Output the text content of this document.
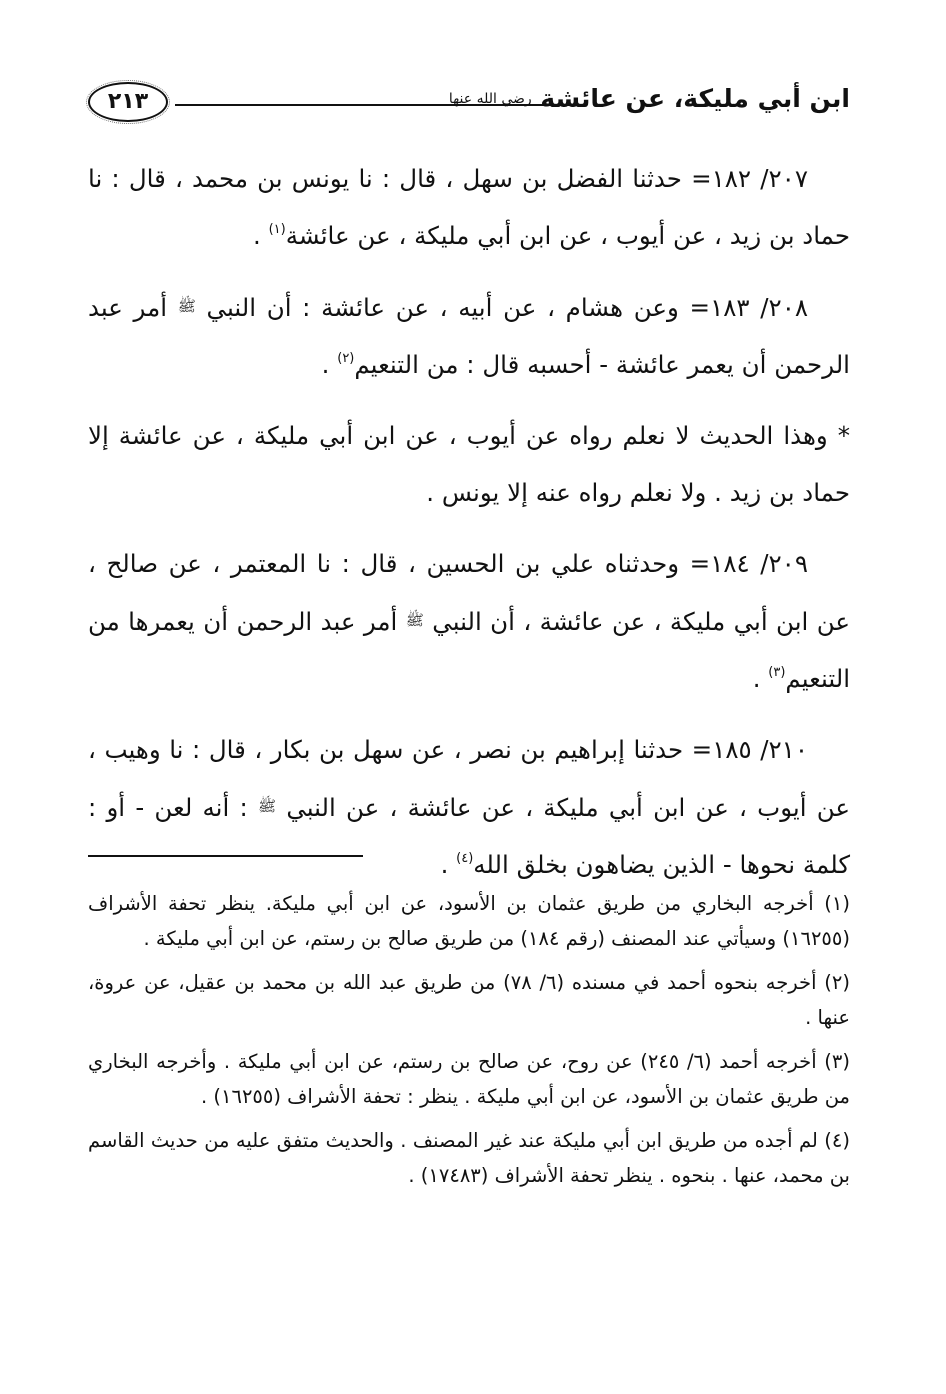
ابن أبي مليكة، عن عائشة رضي الله عنها
٢١٣

٢٠٧/ ١٨٢= حدثنا الفضل بن سهل ، قال : نا يونس بن محمد ، قال : نا حماد بن زيد ، عن أيوب ، عن ابن أبي مليكة ، عن عائشة$^{(١)}$ .

٢٠٨/ ١٨٣= وعن هشام ، عن أبيه ، عن عائشة : أن النبي $^ﷺ$ أمر عبد الرحمن أن يعمر عائشة - أحسبه قال : من التنعيم$^{(٢)}$ .

* وهذا الحديث لا نعلم رواه عن أيوب ، عن ابن أبي مليكة ، عن عائشة إلا حماد بن زيد . ولا نعلم رواه عنه إلا يونس .

٢٠٩/ ١٨٤= وحدثناه علي بن الحسين ، قال : نا المعتمر ، عن صالح ، عن ابن أبي مليكة ، عن عائشة ، أن النبي $^ﷺ$ أمر عبد الرحمن أن يعمرها من التنعيم$^{(٣)}$ .

٢١٠/ ١٨٥= حدثنا إبراهيم بن نصر ، عن سهل بن بكار ، قال : نا وهيب ، عن أيوب ، عن ابن أبي مليكة ، عن عائشة ، عن النبي $^ﷺ$ : أنه لعن - أو : كلمة نحوها - الذين يضاهون بخلق الله$^{(٤)}$ .

(١) أخرجه البخاري من طريق عثمان بن الأسود، عن ابن أبي مليكة. ينظر تحفة الأشراف (١٦٢٥٥) وسيأتي عند المصنف (رقم ١٨٤) من طريق صالح بن رستم، عن ابن أبي مليكة .

(٢) أخرجه بنحوه أحمد في مسنده (٦/ ٧٨) من طريق عبد الله بن محمد بن عقيل، عن عروة، عنها .

(٣) أخرجه أحمد (٦/ ٢٤٥) عن روح، عن صالح بن رستم، عن ابن أبي مليكة . وأخرجه البخاري من طريق عثمان بن الأسود، عن ابن أبي مليكة . ينظر : تحفة الأشراف (١٦٢٥٥) .

(٤) لم أجده من طريق ابن أبي مليكة عند غير المصنف . والحديث متفق عليه من حديث القاسم بن محمد، عنها . بنحوه . ينظر تحفة الأشراف (١٧٤٨٣) .
